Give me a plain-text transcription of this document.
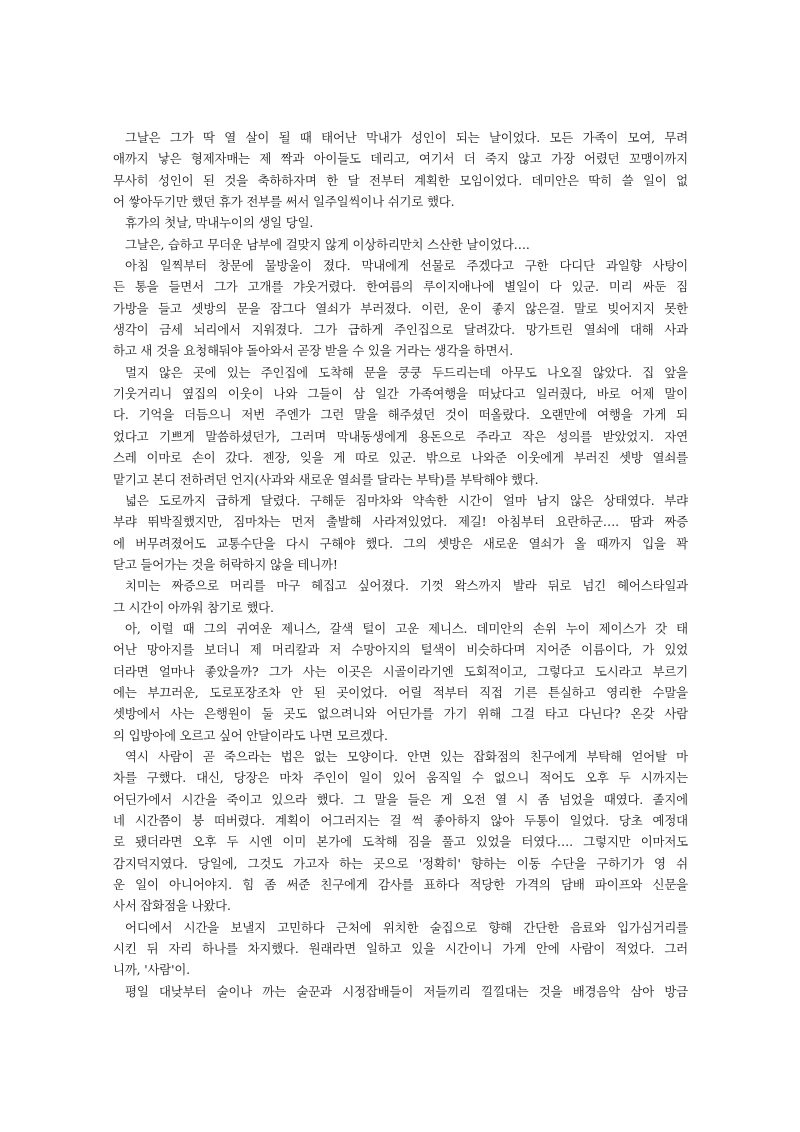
그날은 그가 딱 열 살이 될 때 태어난 막내가 성인이 되는 날이었다. 모든 가족이 모여, 무려
애까지 낳은 형제자매는 제 짝과 아이들도 데리고, 여기서 더 죽지 않고 가장 어렸던 꼬맹이까지
무사히 성인이 된 것을 축하하자며 한 달 전부터 계획한 모임이었다. 데미안은 딱히 쓸 일이 없
어 쌓아두기만 했던 휴가 전부를 써서 일주일씩이나 쉬기로 했다.
휴가의 첫날, 막내누이의 생일 당일.
그날은, 습하고 무더운 남부에 걸맞지 않게 이상하리만치 스산한 날이었다….
아침 일찍부터 창문에 물방울이 졌다. 막내에게 선물로 주겠다고 구한 다디단 과일향 사탕이
든 통을 들면서 그가 고개를 갸웃거렸다. 한여름의 루이지애나에 별일이 다 있군. 미리 싸둔 짐
가방을 들고 셋방의 문을 잠그다 열쇠가 부러졌다. 이런, 운이 좋지 않은걸. 말로 빚어지지 못한
생각이 금세 뇌리에서 지워졌다. 그가 급하게 주인집으로 달려갔다. 망가트린 열쇠에 대해 사과
하고 새 것을 요청해둬야 돌아와서 곧장 받을 수 있을 거라는 생각을 하면서.
멀지 않은 곳에 있는 주인집에 도착해 문을 쿵쿵 두드리는데 아무도 나오질 않았다. 집 앞을
기웃거리니 옆집의 이웃이 나와 그들이 삼 일간 가족여행을 떠났다고 일러줬다, 바로 어제 말이
다. 기억을 더듬으니 저번 주엔가 그런 말을 해주셨던 것이 떠올랐다. 오랜만에 여행을 가게 되
었다고 기쁘게 말씀하셨던가, 그러며 막내동생에게 용돈으로 주라고 작은 성의를 받았었지. 자연
스레 이마로 손이 갔다. 젠장, 잊을 게 따로 있군. 밖으로 나와준 이웃에게 부러진 셋방 열쇠를
맡기고 본디 전하려던 언지(사과와 새로운 열쇠를 달라는 부탁)를 부탁해야 했다.
넓은 도로까지 급하게 달렸다. 구해둔 짐마차와 약속한 시간이 얼마 남지 않은 상태였다. 부랴
부랴 뛰박질했지만, 짐마차는 먼저 출발해 사라져있었다. 제길! 아침부터 요란하군…. 땀과 짜증
에 버무려졌어도 교통수단을 다시 구해야 했다. 그의 셋방은 새로운 열쇠가 올 때까지 입을 꽉
닫고 들어가는 것을 허락하지 않을 테니까!
치미는 짜증으로 머리를 마구 헤집고 싶어졌다. 기껏 왁스까지 발라 뒤로 넘긴 헤어스타일과
그 시간이 아까워 참기로 했다.
아, 이럴 때 그의 귀여운 제니스, 갈색 털이 고운 제니스. 데미안의 손위 누이 제이스가 갓 태
어난 망아지를 보더니 제 머리칼과 저 수망아지의 털색이 비슷하다며 지어준 이름이다, 가 있었
더라면 얼마나 좋았을까? 그가 사는 이곳은 시골이라기엔 도회적이고, 그렇다고 도시라고 부르기
에는 부끄러운, 도로포장조차 안 된 곳이었다. 어릴 적부터 직접 기른 튼실하고 영리한 수말을
셋방에서 사는 은행원이 둘 곳도 없으려니와 어딘가를 가기 위해 그걸 타고 다닌다? 온갖 사람
의 입방아에 오르고 싶어 안달이라도 나면 모르겠다.
역시 사람이 곧 죽으라는 법은 없는 모양이다. 안면 있는 잡화점의 친구에게 부탁해 얻어탈 마
차를 구했다. 대신, 당장은 마차 주인이 일이 있어 움직일 수 없으니 적어도 오후 두 시까지는
어딘가에서 시간을 죽이고 있으라 했다. 그 말을 들은 게 오전 열 시 좀 넘었을 때였다. 졸지에
네 시간쯤이 붕 떠버렸다. 계획이 어그러지는 걸 썩 좋아하지 않아 두통이 일었다. 당초 예정대
로 됐더라면 오후 두 시엔 이미 본가에 도착해 짐을 풀고 있었을 터였다…. 그렇지만 이마저도
감지덕지였다. 당일에, 그것도 가고자 하는 곳으로 '정확히' 향하는 이동 수단을 구하기가 영 쉬
운 일이 아니어야지. 힘 좀 써준 친구에게 감사를 표하다 적당한 가격의 담배 파이프와 신문을
사서 잡화점을 나왔다.
어디에서 시간을 보낼지 고민하다 근처에 위치한 술집으로 향해 간단한 음료와 입가심거리를
시킨 뒤 자리 하나를 차지했다. 원래라면 일하고 있을 시간이니 가게 안에 사람이 적었다. 그러
니까, '사람'이.
평일 대낮부터 술이나 까는 술꾼과 시정잡배들이 저들끼리 낄낄대는 것을 배경음악 삼아 방금
